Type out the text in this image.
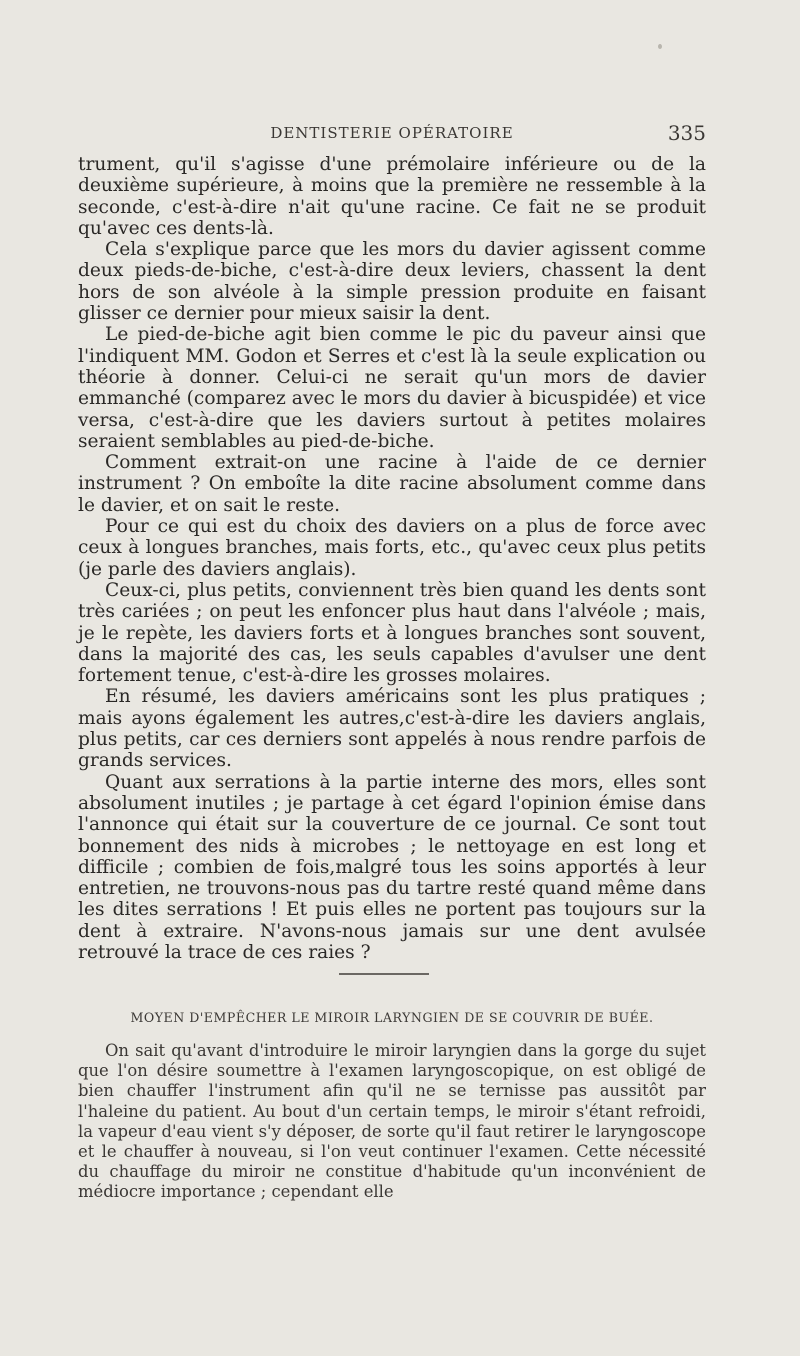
DENTISTERIE OPÉRATOIRE	335

trument, qu'il s'agisse d'une prémolaire inférieure ou de la deuxième supérieure, à moins que la première ne ressemble à la seconde, c'est-à-dire n'ait qu'une racine. Ce fait ne se produit qu'avec ces dents-là.

Cela s'explique parce que les mors du davier agissent comme deux pieds-de-biche, c'est-à-dire deux leviers, chassent la dent hors de son alvéole à la simple pression produite en faisant glisser ce dernier pour mieux saisir la dent.

Le pied-de-biche agit bien comme le pic du paveur ainsi que l'indiquent MM. Godon et Serres et c'est là la seule explication ou théorie à donner. Celui-ci ne serait qu'un mors de davier emmanché (comparez avec le mors du davier à bicuspidée) et vice versa, c'est-à-dire que les daviers surtout à petites molaires seraient semblables au pied-de-biche.

Comment extrait-on une racine à l'aide de ce dernier instrument ? On emboîte la dite racine absolument comme dans le davier, et on sait le reste.

Pour ce qui est du choix des daviers on a plus de force avec ceux à longues branches, mais forts, etc., qu'avec ceux plus petits (je parle des daviers anglais).

Ceux-ci, plus petits, conviennent très bien quand les dents sont très cariées ; on peut les enfoncer plus haut dans l'alvéole ; mais, je le repète, les daviers forts et à longues branches sont souvent, dans la majorité des cas, les seuls capables d'avulser une dent fortement tenue, c'est-à-dire les grosses molaires.

En résumé, les daviers américains sont les plus pratiques ; mais ayons également les autres,c'est-à-dire les daviers anglais, plus petits, car ces derniers sont appelés à nous rendre parfois de grands services.

Quant aux serrations à la partie interne des mors, elles sont absolument inutiles ; je partage à cet égard l'opinion émise dans l'annonce qui était sur la couverture de ce journal. Ce sont tout bonnement des nids à microbes ; le nettoyage en est long et difficile ; combien de fois,malgré tous les soins apportés à leur entretien, ne trouvons-nous pas du tartre resté quand même dans les dites serrations ! Et puis elles ne portent pas toujours sur la dent à extraire. N'avons-nous jamais sur une dent avulsée retrouvé la trace de ces raies ?

MOYEN D'EMPÊCHER LE MIROIR LARYNGIEN DE SE COUVRIR DE BUÉE.

On sait qu'avant d'introduire le miroir laryngien dans la gorge du sujet que l'on désire soumettre à l'examen laryngoscopique, on est obligé de bien chauffer l'instrument afin qu'il ne se ternisse pas aussitôt par l'haleine du patient. Au bout d'un certain temps, le miroir s'étant refroidi, la vapeur d'eau vient s'y déposer, de sorte qu'il faut retirer le laryngoscope et le chauffer à nouveau, si l'on veut continuer l'examen. Cette nécessité du chauffage du miroir ne constitue d'habitude qu'un inconvénient de médiocre importance ; cependant elle
